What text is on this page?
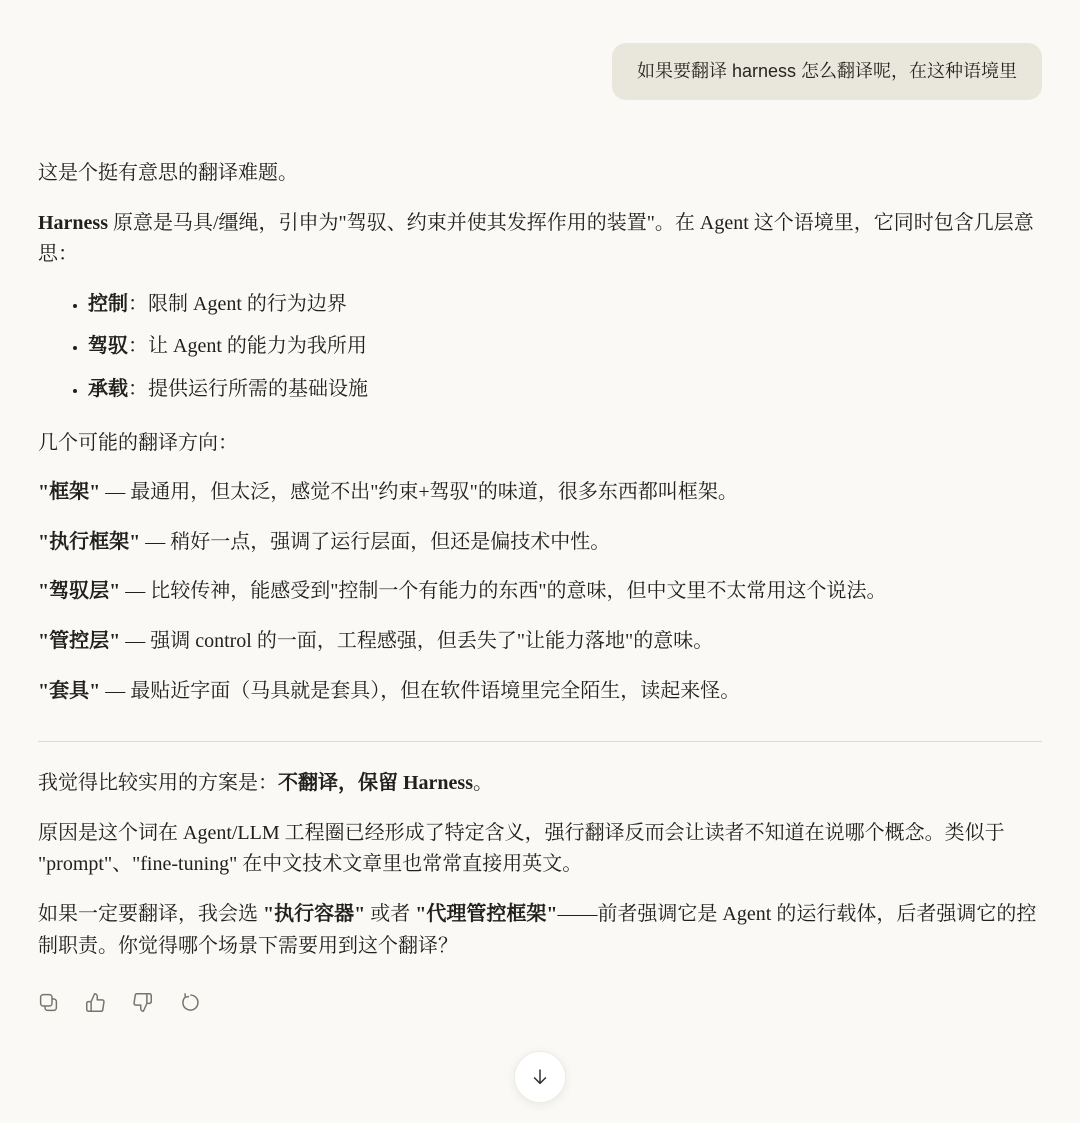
如果要翻译 harness 怎么翻译呢，在这种语境里

这是个挺有意思的翻译难题。

Harness 原意是马具/缰绳，引申为"驾驭、约束并使其发挥作用的装置"。在 Agent 这个语境里，它同时包含几层意思：

• 控制：限制 Agent 的行为边界
• 驾驭：让 Agent 的能力为我所用
• 承载：提供运行所需的基础设施

几个可能的翻译方向：

"框架" — 最通用，但太泛，感觉不出"约束+驾驭"的味道，很多东西都叫框架。

"执行框架" — 稍好一点，强调了运行层面，但还是偏技术中性。

"驾驭层" — 比较传神，能感受到"控制一个有能力的东西"的意味，但中文里不太常用这个说法。

"管控层" — 强调 control 的一面，工程感强，但丢失了"让能力落地"的意味。

"套具" — 最贴近字面（马具就是套具），但在软件语境里完全陌生，读起来怪。

我觉得比较实用的方案是：不翻译，保留 Harness。

原因是这个词在 Agent/LLM 工程圈已经形成了特定含义，强行翻译反而会让读者不知道在说哪个概念。类似于 "prompt"、"fine-tuning" 在中文技术文章里也常常直接用英文。

如果一定要翻译，我会选 "执行容器" 或者 "代理管控框架"——前者强调它是 Agent 的运行载体，后者强调它的控制职责。你觉得哪个场景下需要用到这个翻译？
